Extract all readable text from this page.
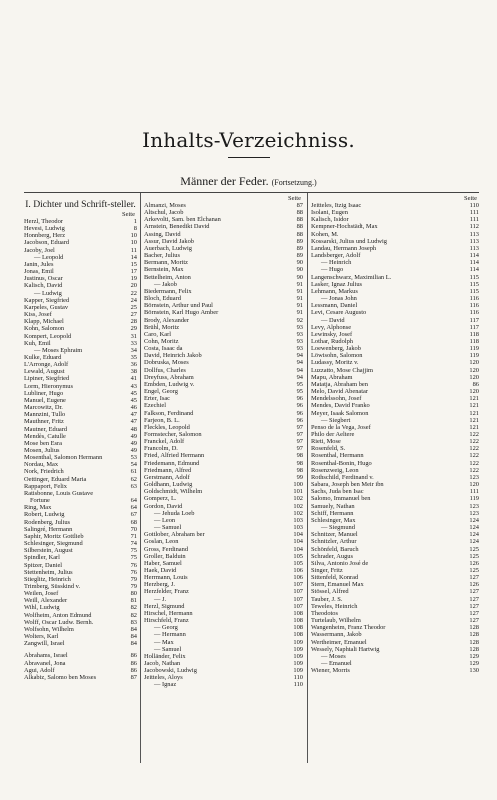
Inhalts-Verzeichniss.
Männer der Feder. (Fortsetzung.)
I. Dichter und Schrift-steller.
Seite
Herzl, Theodor	1
Hevesi, Ludwig	8
Honnberg, Herz	10
Jacobson, Eduard	10
Jacoby, Joel	11
— Leopold	14
Janin, Jules	15
Jonas, Emil	17
Justinus, Oscar	19
Kalisch, David	20
— Ludwig	22
Kapper, Siegfried	24
Karpeles, Gustav	25
Kiss, Josef	27
Klapp, Michael	28
Kohn, Salomon	29
Kompert, Leopold	31
Kuh, Emil	33
— Moses Ephraim	34
Kulke, Eduard	35
L'Arronge, Adolf	36
Lewald, August	38
Lipiner, Siegfried	41
Lorm, Hieronymus	43
Lubliner, Hugo	45
Manuel, Eugene	45
Marcowitz, Dr.	46
Mannzini, Tullo	47
Mauthner, Fritz	47
Mautner, Eduard	48
Mendès, Catulle	49
Mose ben Esra	49
Mosen, Julius	49
Mosenthal, Salomon Hermann	53
Nordau, Max	54
Nork, Friedrich	61
Oettinger, Eduard Maria	62
Rappaport, Felix	63
Ratisbonne, Louis Gustave
Fortune	64
Ring, Max	64
Robert, Ludwig	67
Rodenberg, Julius	68
Salingré, Hermann	70
Saphir, Moritz Gottlieb	71
Schlesinger, Siegmund	74
Silberstein, August	75
Spindler, Karl	75
Spitzer, Daniel	76
Stettenheim, Julius	76
Stieglitz, Heinrich	79
Trimberg, Süsskind v.	79
Weilen, Josef	80
Weill, Alexander	81
Wihl, Ludwig	82
Wolfheim, Anton Edmund	82
Wolff, Oscar Ludw. Bernh.	83
Wolfsohn, Wilhelm	84
Wolters, Karl	84
Zangwill, Israel	84
Abrahams, Israel	86
Abravanel, Jona	86
Agui, Adolf	86
Alkabiz, Salomo ben Moses	87
Seite
Almanzi, Moses	87
Altschul, Jacob	88
Arkevolti, Sam. ben Elchanan	88
Arnstein, Benedikt David	88
Assing, David	88
Assur, David Jakob	89
Auerbach, Ludwig	89
Bacher, Julius	89
Bermann, Moritz	90
Bernstein, Max	90
Bettelheim, Anton	90
— Jakob	91
Biedermann, Felix	91
Bloch, Eduard	91
Börnstein, Arthur und Paul	91
Börnstein, Karl Hugo Amber	91
Brody, Alexander	92
Brühl, Moritz	93
Caro, Karl	93
Cohn, Moritz	93
Costa, Isaac da	93
David, Heinrich Jakob	94
Dobruska, Moses	94
Dollfus, Charles	94
Dreyfuss, Abraham	94
Embden, Ludwig v.	95
Engel, Georg	95
Erter, Isac	96
Ezechiel	96
Falkson, Ferdinand	96
Farjeon, B. L.	96
Fleckles, Leopold	97
Formstecher, Salomon	97
Franckel, Adolf	97
Francolm, D.	97
Fried, Alfried Hermann	98
Friedemann, Edmund	98
Friedmann, Alfred	98
Gerstmann, Adolf	99
Goldhann, Ludwig	100
Goldschmidt, Wilhelm	101
Gomperz, L.	102
Gordon, David	102
— Jehuda Loeb	102
— Leon	103
— Samuel	103
Gottlober, Abraham ber	104
Goslan, Leon	104
Gross, Ferdinand	104
Groller, Balduin	105
Haber, Samuel	105
Haek, David	106
Herrmann, Louis	106
Herzberg, J.	107
Herzfelder, Franz	107
— J.	107
Herzl, Sigmund	107
Hirschel, Hermann	108
Hirschfeld, Franz	108
— Georg	108
— Hermann	108
— Max	109
— Samuel	109
Holländer, Felix	109
Jacob, Nathan	109
Jacobowski, Ludwig	109
Jeitteles, Aloys	110
— Ignaz	110
Seite
Jeitteles, Itzig Isaac	110
Isolani, Eugen	111
Kalisch, Isidor	111
Kempner-Hochstädt, Max	112
Kohen, M.	113
Kossarski, Julius und Ludwig	113
Landau, Hermann Joseph	113
Landsberger, Adolf	114
— Heinrich	114
— Hugo	114
Langenschwarz, Maximilian L.	115
Lasker, Ignaz Julius	115
Lehmann, Markus	115
— Jonas John	116
Lessmann, Daniel	116
Levi, Cesare Augusto	116
— David	117
Levy, Alphonse	117
Lewinsky, Josef	118
Lothar, Rudolph	118
Loewenberg, Jakob	119
Löwisohn, Salomon	119
Ludassy, Moritz v.	120
Luzzatto, Mose Chajjim	120
Mapu, Abraham	120
Matatja, Abraham ben	86
Melo, David Abenatar	120
Mendelssohn, Josef	121
Mendes, David Franko	121
Meyer, Isaak Salomon	121
— Siegbert	121
Penso de la Vega, Josef	121
Philo der Aeltere	122
Rieti, Mose	122
Rosenfeld, S.	122
Rosenthal, Hermann	122
Rosenthal-Bonin, Hugo	122
Rosenzweig, Leon	122
Rothschild, Ferdinand v.	123
Sabara, Joseph ben Meir ibn	120
Sachs, Juda ben Isac	111
Salomo, Immanuel ben	119
Samuely, Nathan	123
Schiff, Hermann	123
Schlesinger, Max	124
— Siegmund	124
Schnitzer, Manuel	124
Schnitzler, Arthur	124
Schönfeld, Baruch	125
Schrader, Augus	125
Silva, Antonio José de	126
Singer, Fritz	125
Sittenfeld, Konrad	127
Stern, Emanuel Max	126
Stössel, Alfred	127
Tauber, J. S.	127
Teweles, Heinrich	127
Theodotos	127
Turtelaub, Wilhelm	127
Wangenheim, Franz Theodor	128
Wassermann, Jakob	128
Wertheimer, Emanuel	128
Wessely, Naphtali Hartwig	128
— Moses	129
— Emanuel	129
Wiener, Morris	130
